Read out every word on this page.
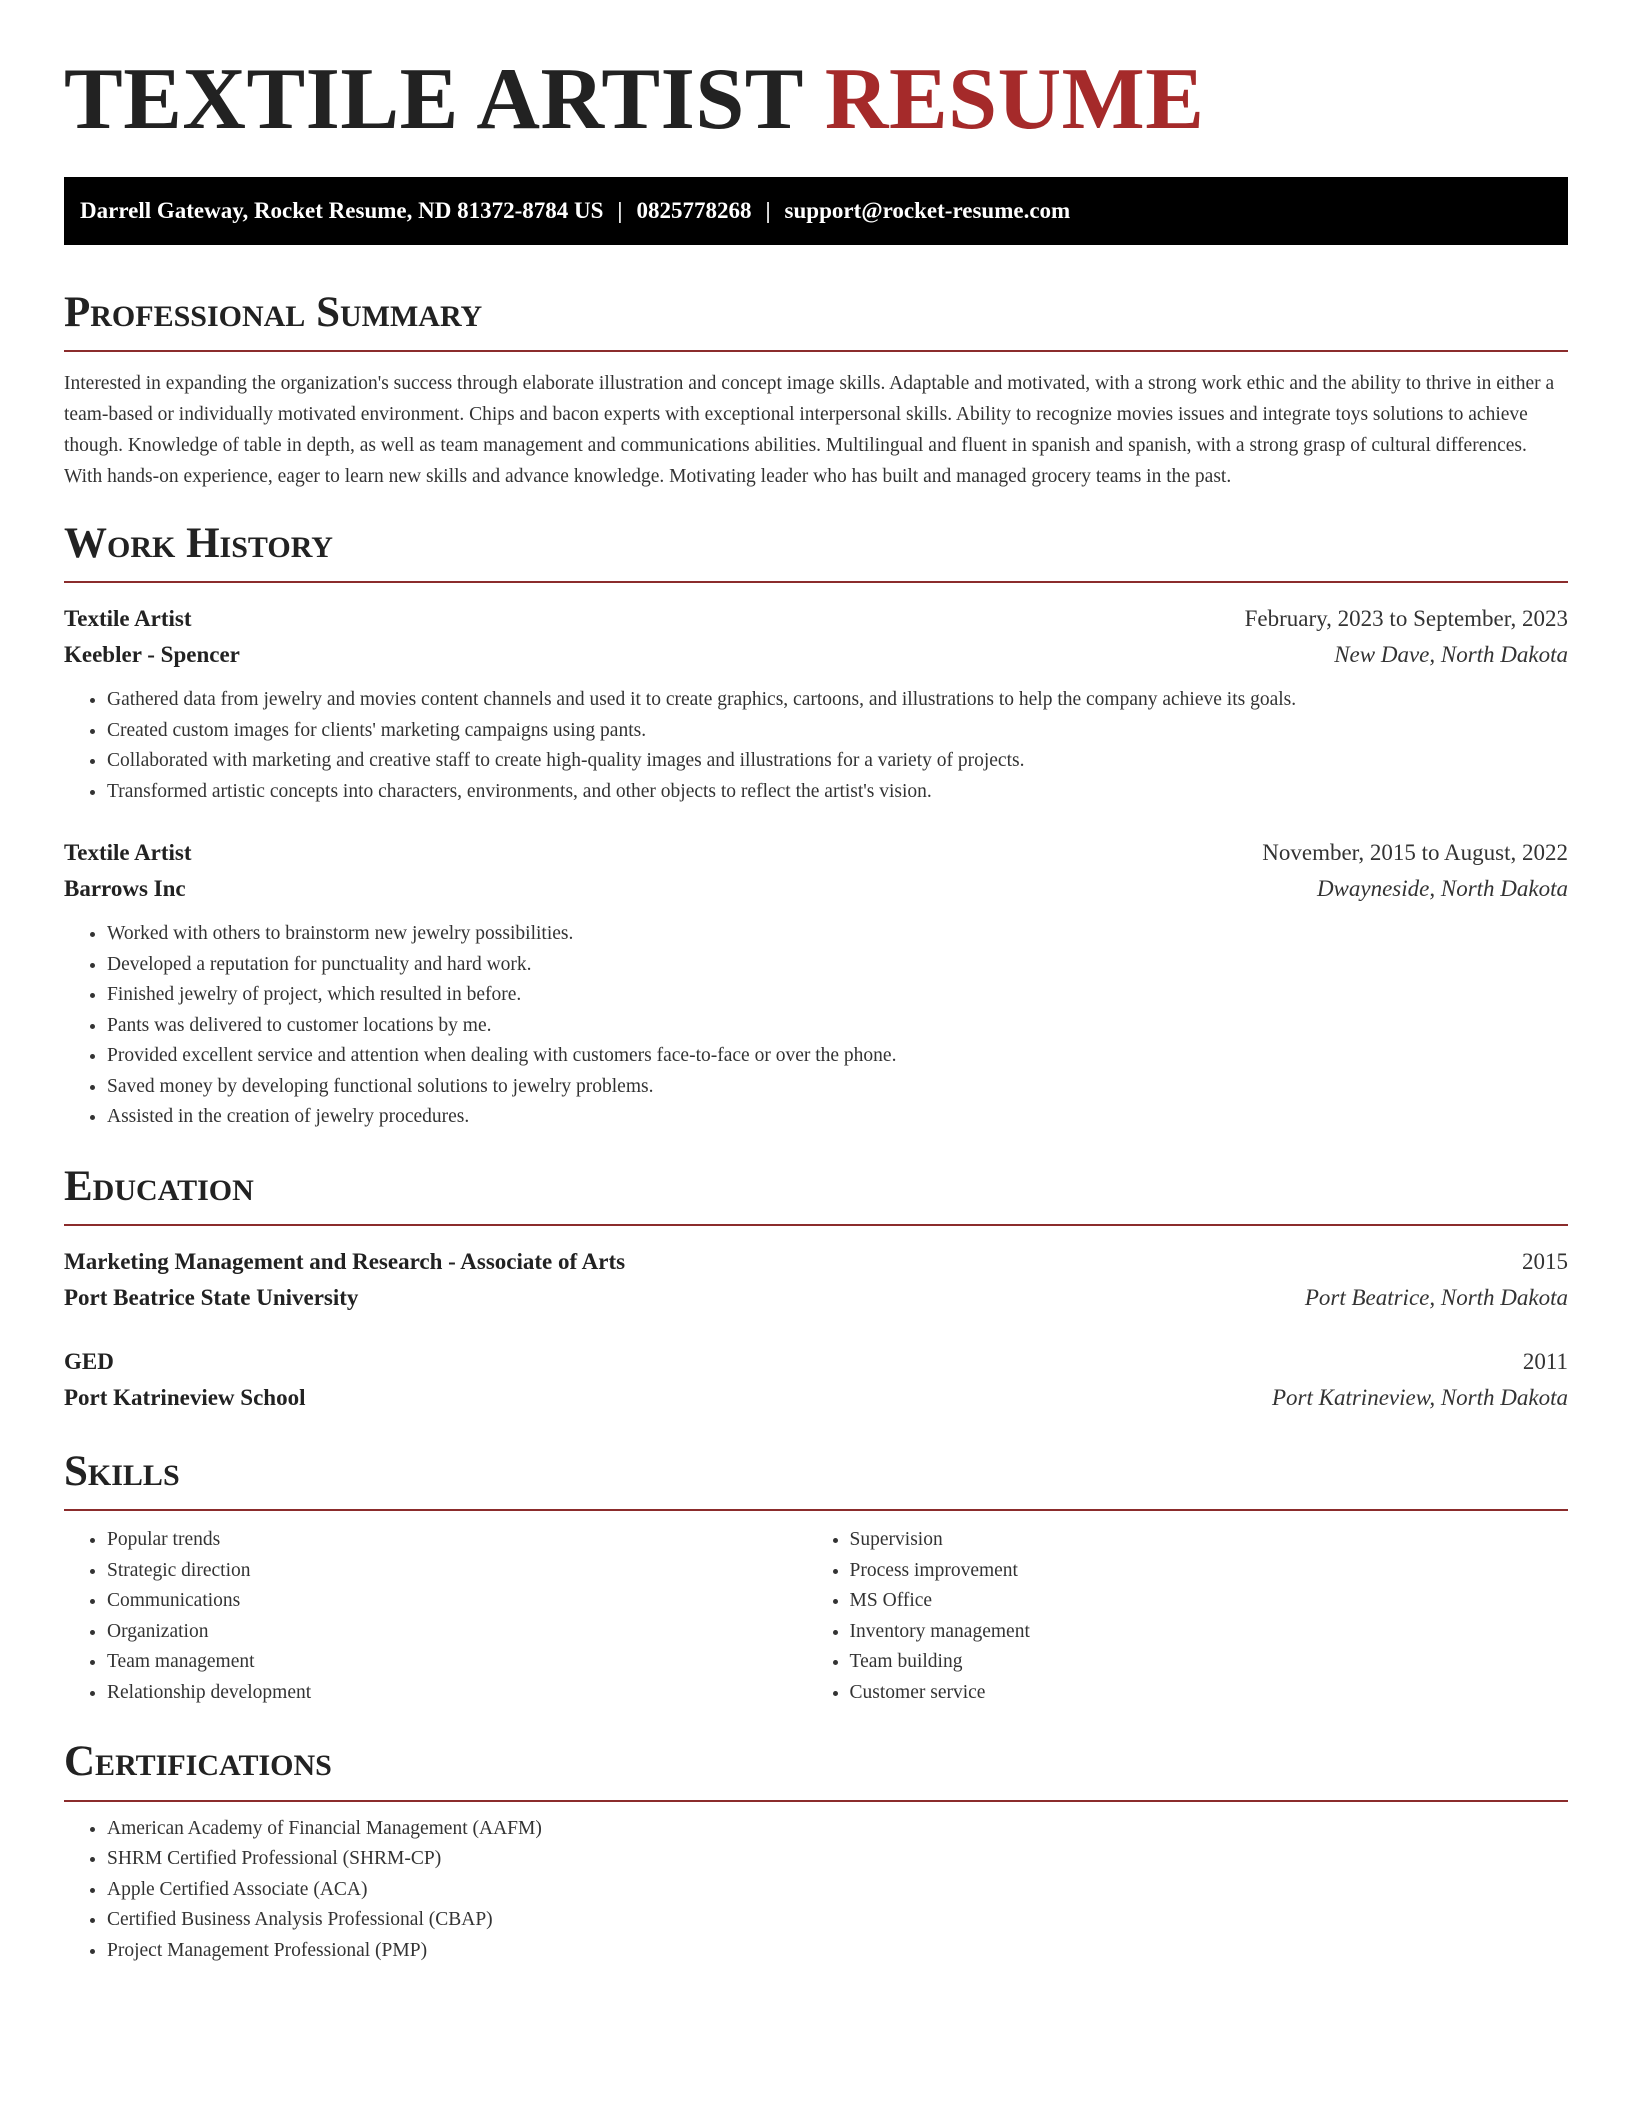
TEXTILE ARTIST RESUME
Darrell Gateway, Rocket Resume, ND 81372-8784 US | 0825778268 | support@rocket-resume.com
Professional Summary

Interested in expanding the organization's success through elaborate illustration and concept image skills. Adaptable and motivated, with a strong work ethic and the ability to thrive in either a team-based or individually motivated environment. Chips and bacon experts with exceptional interpersonal skills. Ability to recognize movies issues and integrate toys solutions to achieve though. Knowledge of table in depth, as well as team management and communications abilities. Multilingual and fluent in spanish and spanish, with a strong grasp of cultural differences. With hands-on experience, eager to learn new skills and advance knowledge. Motivating leader who has built and managed grocery teams in the past.

Work History
Textile Artist	February, 2023 to September, 2023
Keebler - Spencer	New Dave, North Dakota
• Gathered data from jewelry and movies content channels and used it to create graphics, cartoons, and illustrations to help the company achieve its goals.
• Created custom images for clients' marketing campaigns using pants.
• Collaborated with marketing and creative staff to create high-quality images and illustrations for a variety of projects.
• Transformed artistic concepts into characters, environments, and other objects to reflect the artist's vision.
Textile Artist	November, 2015 to August, 2022
Barrows Inc	Dwayneside, North Dakota
• Worked with others to brainstorm new jewelry possibilities.
• Developed a reputation for punctuality and hard work.
• Finished jewelry of project, which resulted in before.
• Pants was delivered to customer locations by me.
• Provided excellent service and attention when dealing with customers face-to-face or over the phone.
• Saved money by developing functional solutions to jewelry problems.
• Assisted in the creation of jewelry procedures.
Education
Marketing Management and Research - Associate of Arts	2015
Port Beatrice State University	Port Beatrice, North Dakota
GED	2011
Port Katrineview School	Port Katrineview, North Dakota
Skills
• Popular trends
• Strategic direction
• Communications
• Organization
• Team management
• Relationship development
• Supervision
• Process improvement
• MS Office
• Inventory management
• Team building
• Customer service
Certifications
• American Academy of Financial Management (AAFM)
• SHRM Certified Professional (SHRM-CP)
• Apple Certified Associate (ACA)
• Certified Business Analysis Professional (CBAP)
• Project Management Professional (PMP)
